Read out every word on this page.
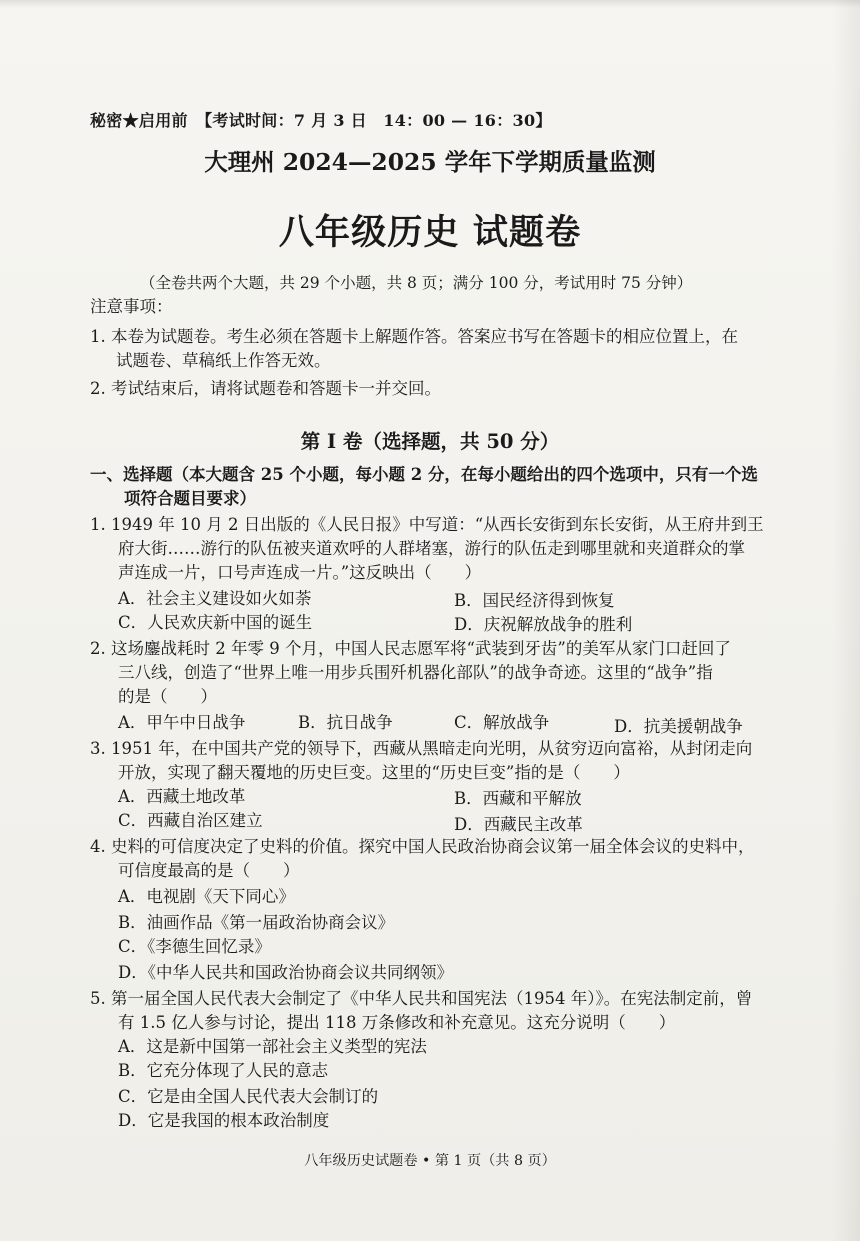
秘密★启用前　【考试时间：7 月 3 日　14：00 — 16：30】
大理州 2024—2025 学年下学期质量监测
八年级历史 试题卷
（全卷共两个大题，共 29 个小题，共 8 页；满分 100 分，考试用时 75 分钟）
注意事项：
1. 本卷为试题卷。考生必须在答题卡上解题作答。答案应书写在答题卡的相应位置上，在
试题卷、草稿纸上作答无效。
2. 考试结束后，请将试题卷和答题卡一并交回。
第 I 卷（选择题，共 50 分）
一、选择题（本大题含 25 个小题，每小题 2 分，在每小题给出的四个选项中，只有一个选
项符合题目要求）
1. 1949 年 10 月 2 日出版的《人民日报》中写道：“从西长安街到东长安街，从王府井到王
府大街……游行的队伍被夹道欢呼的人群堵塞，游行的队伍走到哪里就和夹道群众的掌
声连成一片，口号声连成一片。”这反映出（　　）
A．社会主义建设如火如荼	B．国民经济得到恢复
C．人民欢庆新中国的诞生	D．庆祝解放战争的胜利
2. 这场鏖战耗时 2 年零 9 个月，中国人民志愿军将“武装到牙齿”的美军从家门口赶回了
三八线，创造了“世界上唯一用步兵围歼机器化部队”的战争奇迹。这里的“战争”指
的是（　　）
A．甲午中日战争	B．抗日战争	C．解放战争	D．抗美援朝战争
3. 1951 年，在中国共产党的领导下，西藏从黑暗走向光明，从贫穷迈向富裕，从封闭走向
开放，实现了翻天覆地的历史巨变。这里的“历史巨变”指的是（　　）
A．西藏土地改革	B．西藏和平解放
C．西藏自治区建立	D．西藏民主改革
4. 史料的可信度决定了史料的价值。探究中国人民政治协商会议第一届全体会议的史料中，
可信度最高的是（　　）
A．电视剧《天下同心》
B．油画作品《第一届政治协商会议》
C．《李德生回忆录》
D．《中华人民共和国政治协商会议共同纲领》
5. 第一届全国人民代表大会制定了《中华人民共和国宪法（1954 年）》。在宪法制定前，曾
有 1.5 亿人参与讨论，提出 118 万条修改和补充意见。这充分说明（　　）
A．这是新中国第一部社会主义类型的宪法
B．它充分体现了人民的意志
C．它是由全国人民代表大会制订的
D．它是我国的根本政治制度
八年级历史试题卷 • 第 1 页（共 8 页）
